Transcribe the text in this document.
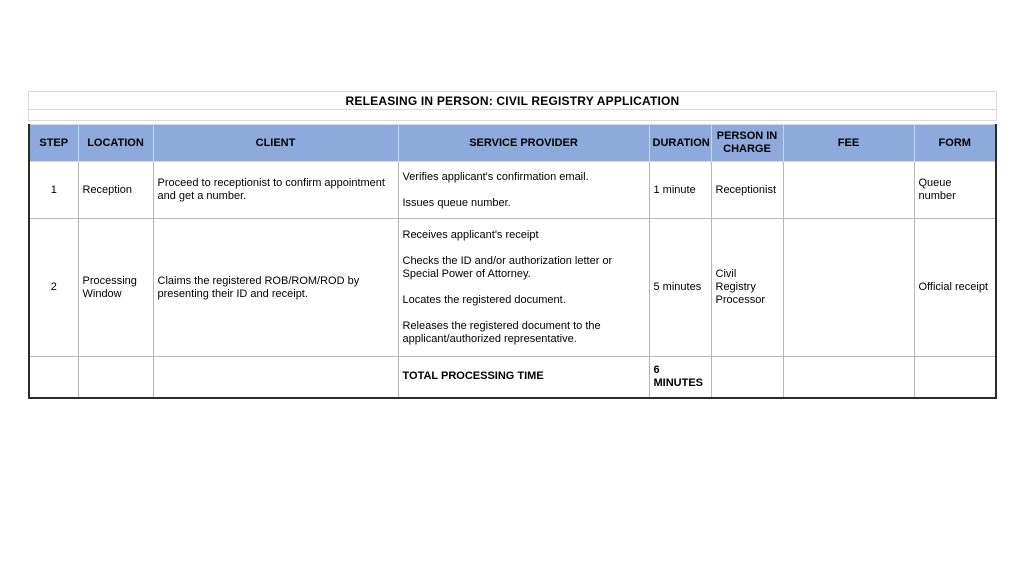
RELEASING IN PERSON: CIVIL REGISTRY APPLICATION
STEP	LOCATION	CLIENT	SERVICE PROVIDER	DURATION	PERSON IN CHARGE	FEE	FORM
1	Reception	Proceed to receptionist to confirm appointment and get a number.	Verifies applicant's confirmation email.

Issues queue number.	1 minute	Receptionist		Queue number
2	Processing Window	Claims the registered ROB/ROM/ROD by presenting their ID and receipt.	Receives applicant's receipt

Checks the ID and/or authorization letter or Special Power of Attorney.

Locates the registered document.

Releases the registered document to the applicant/authorized representative.	5 minutes	Civil Registry Processor		Official receipt
			TOTAL PROCESSING TIME	6 MINUTES			
